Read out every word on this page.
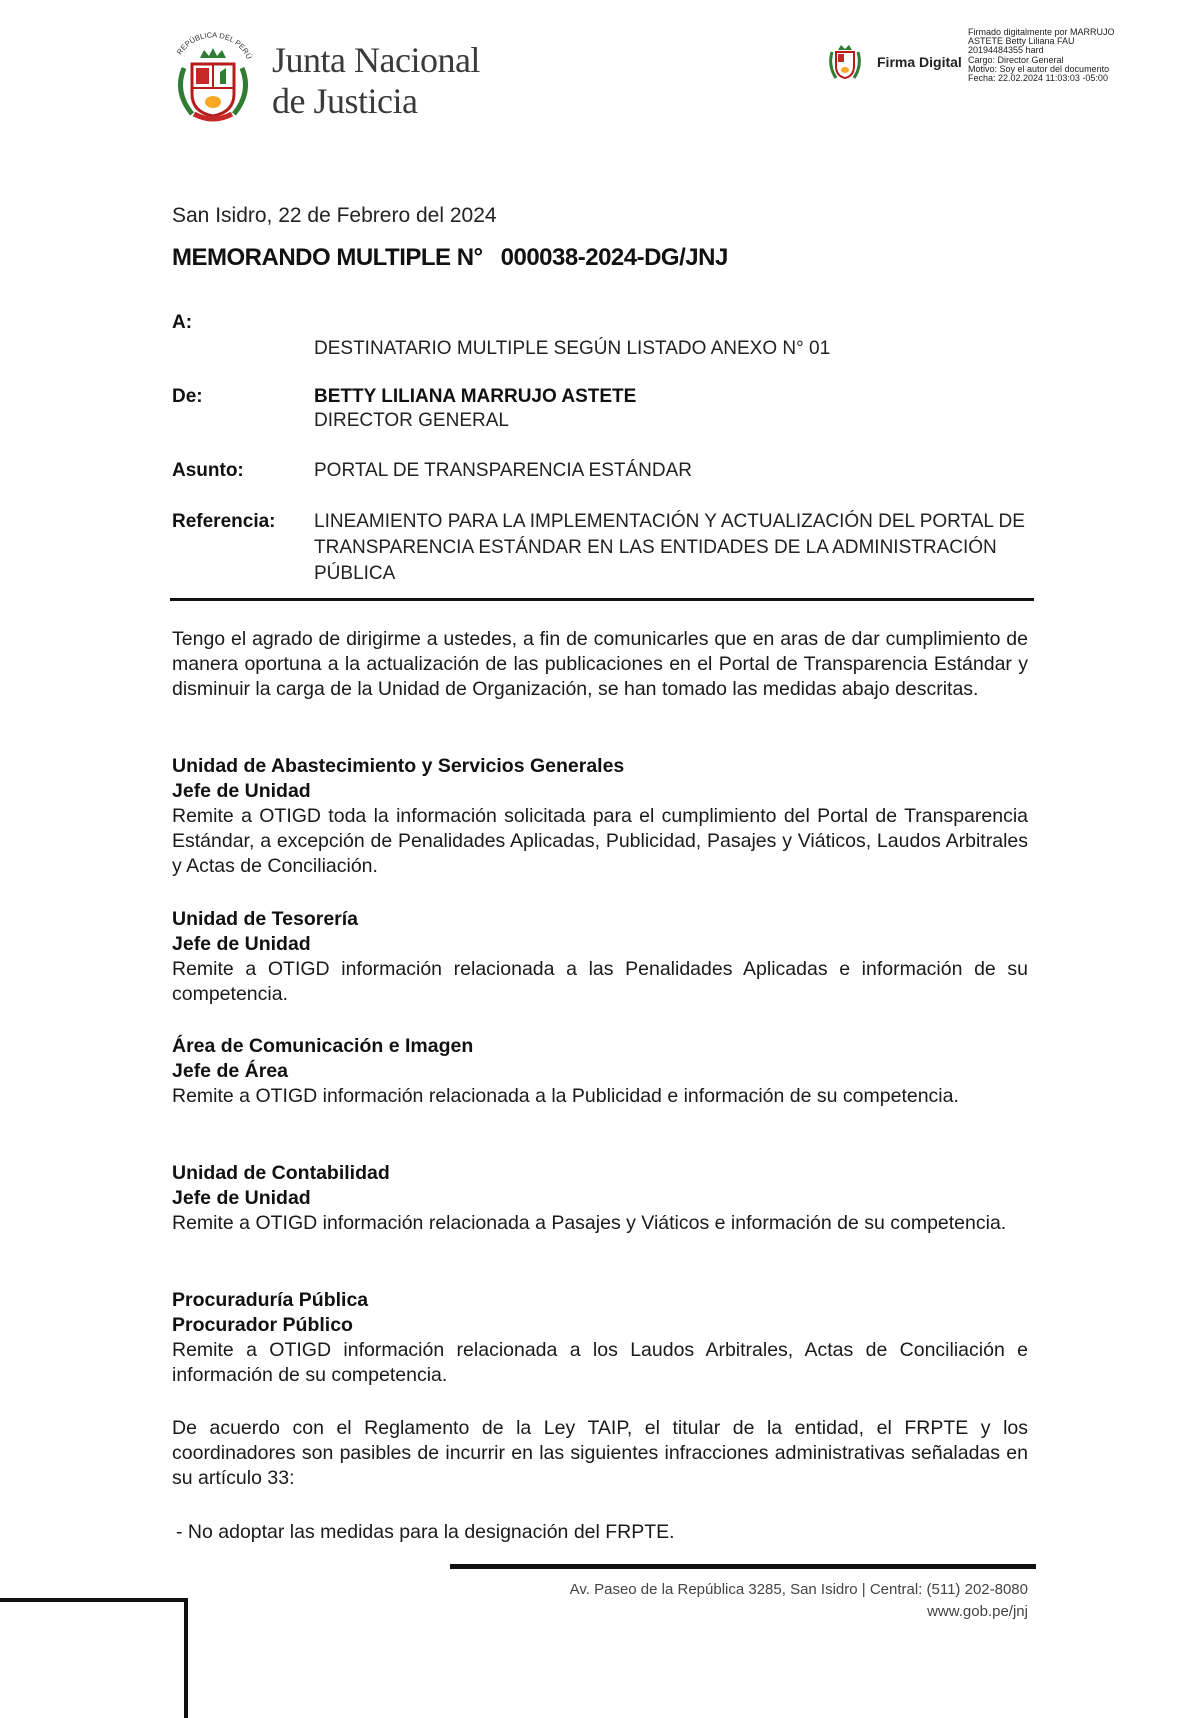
REPÚBLICA DEL PERÚ Junta Nacional
de Justicia
Firma Digital
Firmado digitalmente por MARRUJO
ASTETE Betty Liliana FAU
20194484355 hard
Cargo: Director General
Motivo: Soy el autor del documento
Fecha: 22.02.2024 11:03:03 -05:00
San Isidro, 22 de Febrero del 2024
MEMORANDO MULTIPLE N° 000038-2024-DG/JNJ
A:
DESTINATARIO MULTIPLE SEGÚN LISTADO ANEXO N° 01
De:	BETTY LILIANA MARRUJO ASTETE
DIRECTOR GENERAL
Asunto:	PORTAL DE TRANSPARENCIA ESTÁNDAR
Referencia: LINEAMIENTO PARA LA IMPLEMENTACIÓN Y ACTUALIZACIÓN DEL PORTAL DE TRANSPARENCIA ESTÁNDAR EN LAS ENTIDADES DE LA ADMINISTRACIÓN PÚBLICA
Tengo el agrado de dirigirme a ustedes, a fin de comunicarles que en aras de dar cumplimiento de manera oportuna a la actualización de las publicaciones en el Portal de Transparencia Estándar y disminuir la carga de la Unidad de Organización, se han tomado las medidas abajo descritas.
Unidad de Abastecimiento y Servicios Generales
Jefe de Unidad
Remite a OTIGD toda la información solicitada para el cumplimiento del Portal de Transparencia Estándar, a excepción de Penalidades Aplicadas, Publicidad, Pasajes y Viáticos, Laudos Arbitrales y Actas de Conciliación.
Unidad de Tesorería
Jefe de Unidad
Remite a OTIGD información relacionada a las Penalidades Aplicadas e información de su competencia.
Área de Comunicación e Imagen
Jefe de Área
Remite a OTIGD información relacionada a la Publicidad e información de su competencia.
Unidad de Contabilidad
Jefe de Unidad
Remite a OTIGD información relacionada a Pasajes y Viáticos e información de su competencia.
Procuraduría Pública
Procurador Público
Remite a OTIGD información relacionada a los Laudos Arbitrales, Actas de Conciliación e información de su competencia.
De acuerdo con el Reglamento de la Ley TAIP, el titular de la entidad, el FRPTE y los coordinadores son pasibles de incurrir en las siguientes infracciones administrativas señaladas en su artículo 33:
- No adoptar las medidas para la designación del FRPTE.
Av. Paseo de la República 3285, San Isidro | Central: (511) 202-8080
www.gob.pe/jnj
